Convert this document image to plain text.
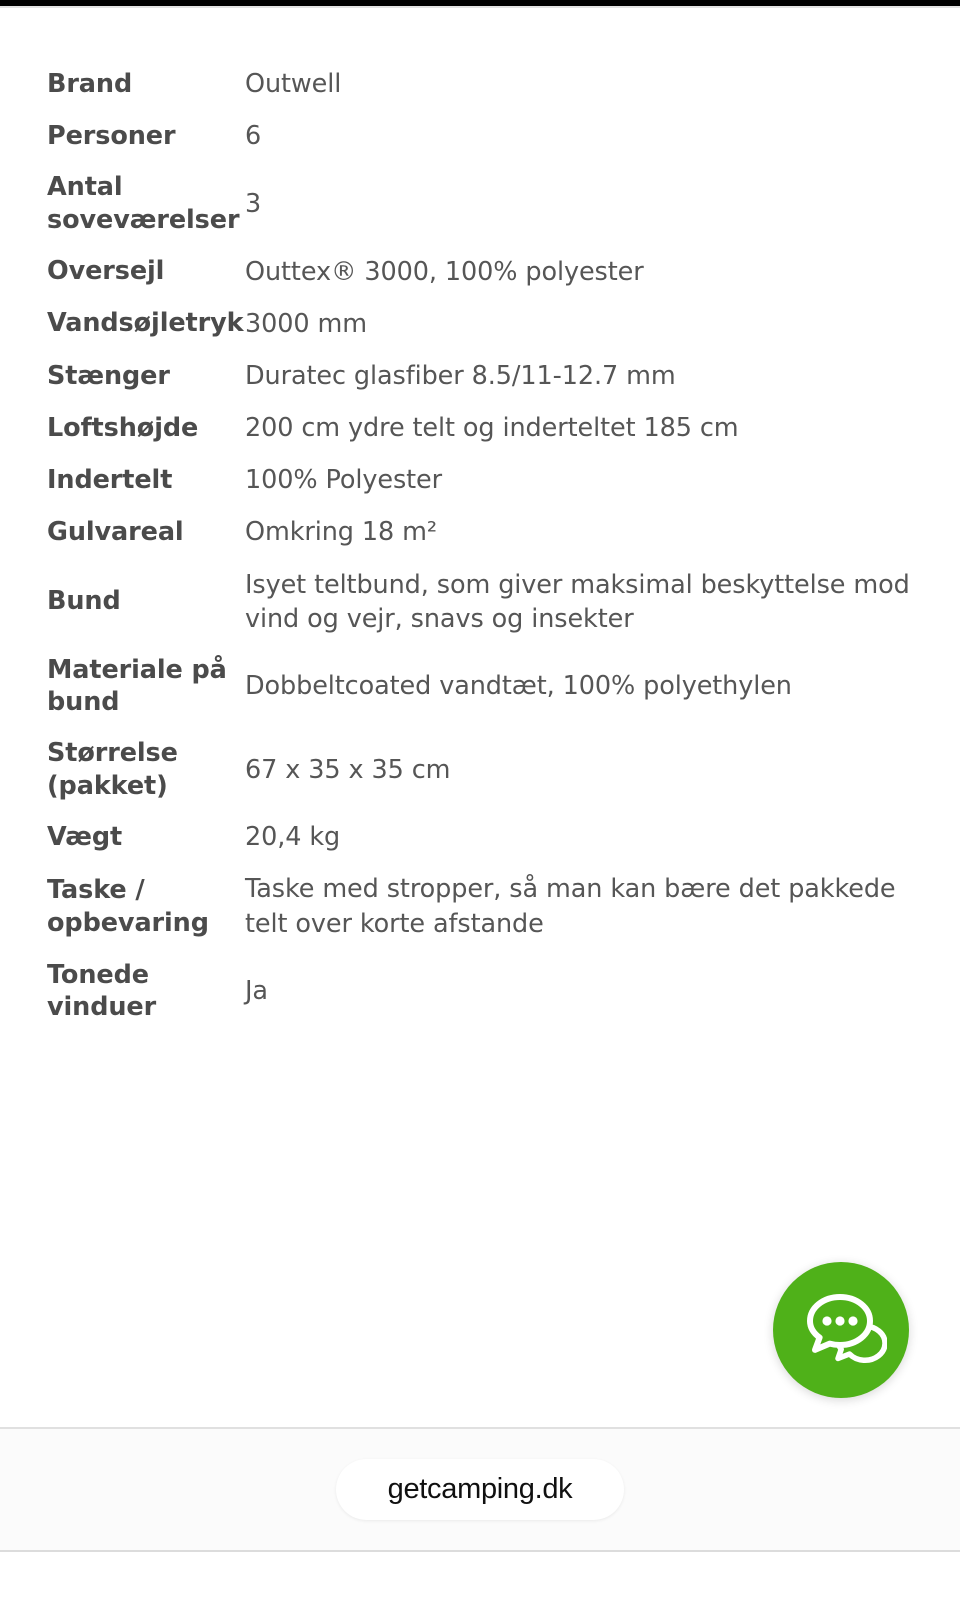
Brand	Outwell
Personer	6
Antal soveværelser	3
Oversejl	Outtex® 3000, 100% polyester
Vandsøjletryk	3000 mm
Stænger	Duratec glasfiber 8.5/11-12.7 mm
Loftshøjde	200 cm ydre telt og inderteltet 185 cm
Indertelt	100% Polyester
Gulvareal	Omkring 18 m²
Bund	Isyet teltbund, som giver maksimal beskyttelse mod vind og vejr, snavs og insekter
Materiale på bund	Dobbeltcoated vandtæt, 100% polyethylen
Størrelse (pakket)	67 x 35 x 35 cm
Vægt	20,4 kg
Taske / opbevaring	Taske med stropper, så man kan bære det pakkede telt over korte afstande
Tonede vinduer	Ja
getcamping.dk
